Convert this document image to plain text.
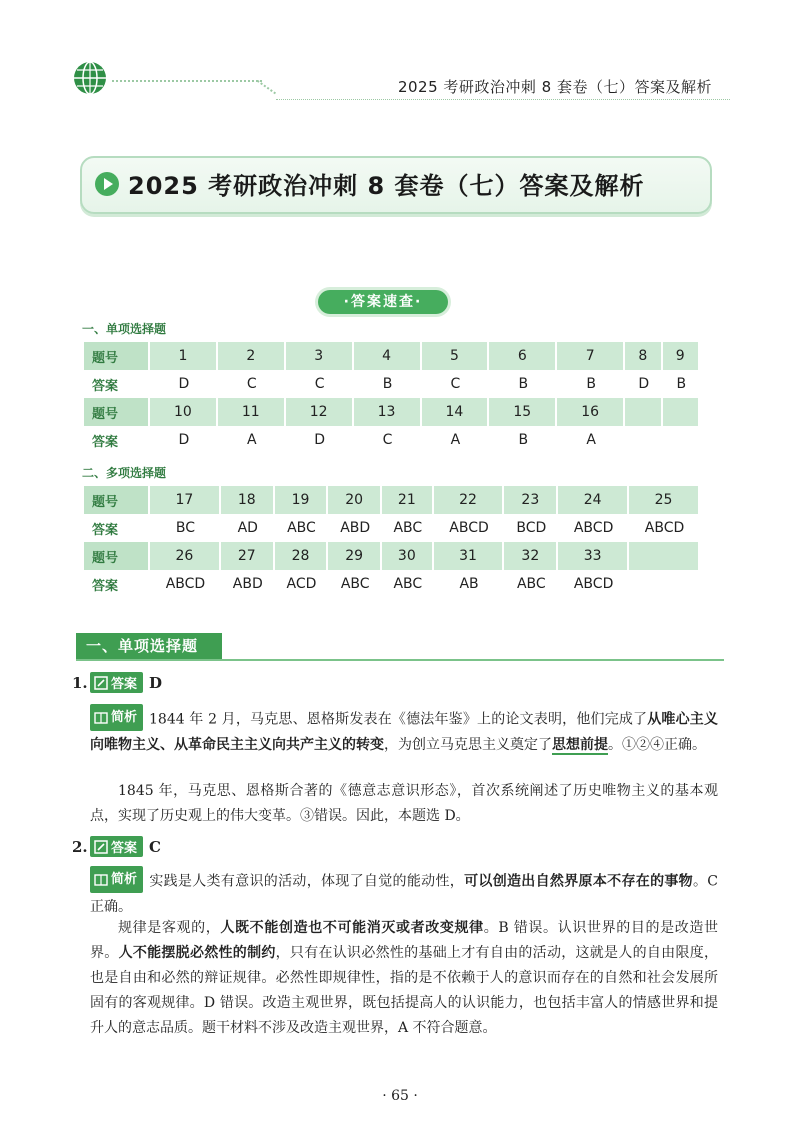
2025 考研政治冲刺 8 套卷（七）答案及解析
2025 考研政治冲刺 8 套卷（七）答案及解析
·答案速查·
一、单项选择题
题号	1	2	3	4	5	6	7	8	9
答案	D	C	C	B	C	B	B	D	B
题号	10	11	12	13	14	15	16		
答案	D	A	D	C	A	B	A		
二、多项选择题
题号	17	18	19	20	21	22	23	24	25
答案	BC	AD	ABC	ABD	ABC	ABCD	BCD	ABCD	ABCD
题号	26	27	28	29	30	31	32	33	
答案	ABCD	ABD	ACD	ABC	ABC	AB	ABC	ABCD	
一、单项选择题
1. 答案 D
简析 1844 年 2 月，马克思、恩格斯发表在《德法年鉴》上的论文表明，他们完成了从唯心主义向唯物主义、从革命民主主义向共产主义的转变，为创立马克思主义奠定了思想前提。①②④正确。
1845 年，马克思、恩格斯合著的《德意志意识形态》，首次系统阐述了历史唯物主义的基本观点，实现了历史观上的伟大变革。③错误。因此，本题选 D。
2. 答案 C
简析 实践是人类有意识的活动，体现了自觉的能动性，可以创造出自然界原本不存在的事物。C 正确。
规律是客观的，人既不能创造也不可能消灭或者改变规律。B 错误。认识世界的目的是改造世界。人不能摆脱必然性的制约，只有在认识必然性的基础上才有自由的活动，这就是人的自由限度，也是自由和必然的辩证规律。必然性即规律性，指的是不依赖于人的意识而存在的自然和社会发展所固有的客观规律。D 错误。改造主观世界，既包括提高人的认识能力，也包括丰富人的情感世界和提升人的意志品质。题干材料不涉及改造主观世界，A 不符合题意。
· 65 ·
